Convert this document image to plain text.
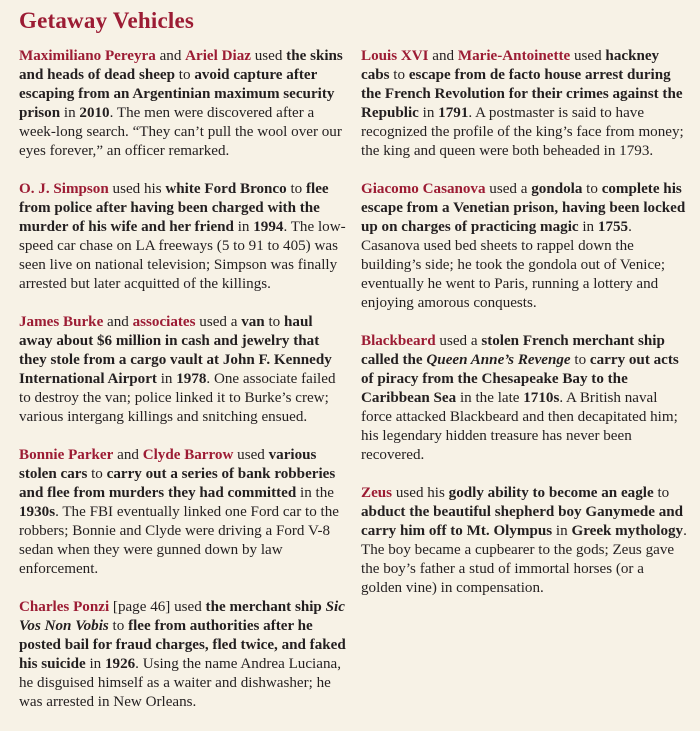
Getaway Vehicles

Maximiliano Pereyra and Ariel Diaz used the skins and heads of dead sheep to avoid capture after escaping from an Argentinian maximum security prison in 2010. The men were discovered after a week-long search. “They can’t pull the wool over our eyes forever,” an officer remarked.

O. J. Simpson used his white Ford Bronco to flee from police after having been charged with the murder of his wife and her friend in 1994. The low-speed car chase on LA freeways (5 to 91 to 405) was seen live on national television; Simpson was finally arrested but later acquitted of the killings.

James Burke and associates used a van to haul away about $6 million in cash and jewelry that they stole from a cargo vault at John F. Kennedy International Airport in 1978. One associate failed to destroy the van; police linked it to Burke’s crew; various intergang killings and snitching ensued.

Bonnie Parker and Clyde Barrow used various stolen cars to carry out a series of bank robberies and flee from murders they had committed in the 1930s. The FBI eventually linked one Ford car to the robbers; Bonnie and Clyde were driving a Ford V-8 sedan when they were gunned down by law enforcement.

Charles Ponzi [page 46] used the merchant ship Sic Vos Non Vobis to flee from authorities after he posted bail for fraud charges, fled twice, and faked his suicide in 1926. Using the name Andrea Luciana, he disguised himself as a waiter and dishwasher; he was arrested in New Orleans.

Louis XVI and Marie-Antoinette used hackney cabs to escape from de facto house arrest during the French Revolution for their crimes against the Republic in 1791. A postmaster is said to have recognized the profile of the king’s face from money; the king and queen were both beheaded in 1793.

Giacomo Casanova used a gondola to complete his escape from a Venetian prison, having been locked up on charges of practicing magic in 1755. Casanova used bed sheets to rappel down the building’s side; he took the gondola out of Venice; eventually he went to Paris, running a lottery and enjoying amorous conquests.

Blackbeard used a stolen French merchant ship called the Queen Anne’s Revenge to carry out acts of piracy from the Chesapeake Bay to the Caribbean Sea in the late 1710s. A British naval force attacked Blackbeard and then decapitated him; his legendary hidden treasure has never been recovered.

Zeus used his godly ability to become an eagle to abduct the beautiful shepherd boy Ganymede and carry him off to Mt. Olympus in Greek mythology. The boy became a cupbearer to the gods; Zeus gave the boy’s father a stud of immortal horses (or a golden vine) in compensation.
